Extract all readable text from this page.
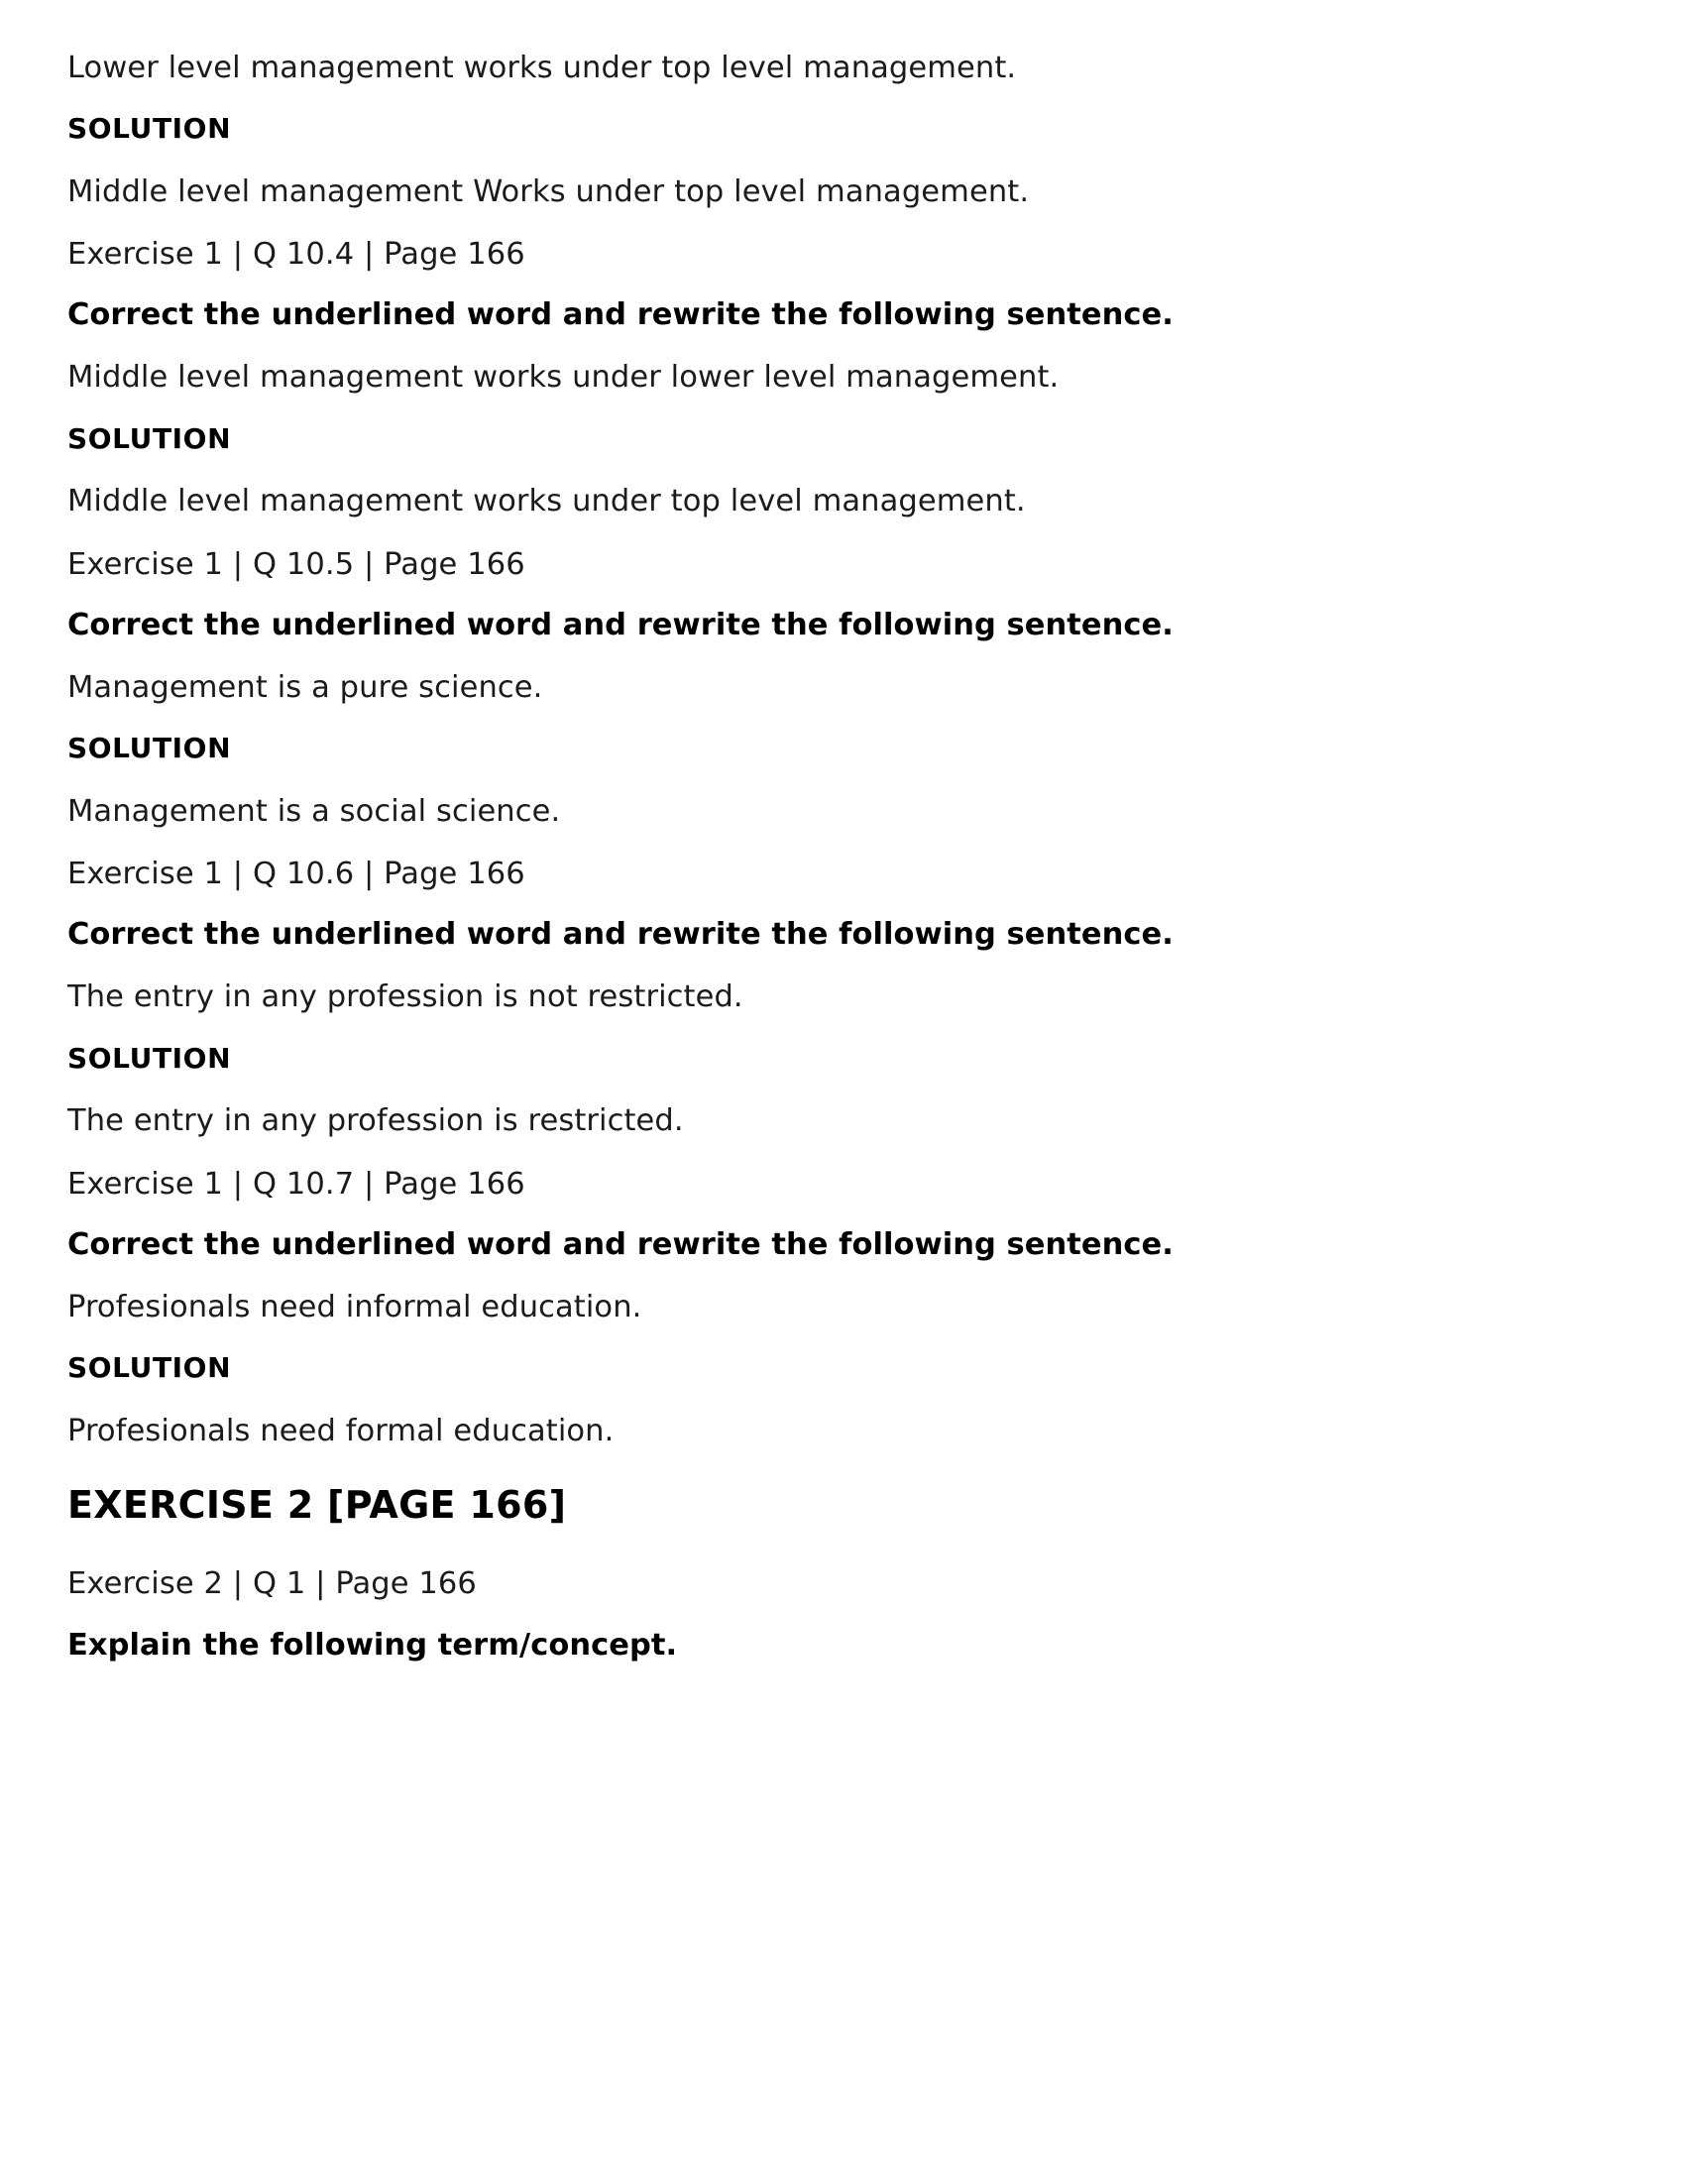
Lower level management works under top level management.

SOLUTION

Middle level management Works under top level management.

Exercise 1 | Q 10.4 | Page 166

Correct the underlined word and rewrite the following sentence.

Middle level management works under lower level management.

SOLUTION

Middle level management works under top level management.

Exercise 1 | Q 10.5 | Page 166

Correct the underlined word and rewrite the following sentence.

Management is a pure science.

SOLUTION

Management is a social science.

Exercise 1 | Q 10.6 | Page 166

Correct the underlined word and rewrite the following sentence.

The entry in any profession is not restricted.

SOLUTION

The entry in any profession is restricted.

Exercise 1 | Q 10.7 | Page 166

Correct the underlined word and rewrite the following sentence.

Profesionals need informal education.

SOLUTION

Profesionals need formal education.

EXERCISE 2 [PAGE 166]

Exercise 2 | Q 1 | Page 166

Explain the following term/concept.
